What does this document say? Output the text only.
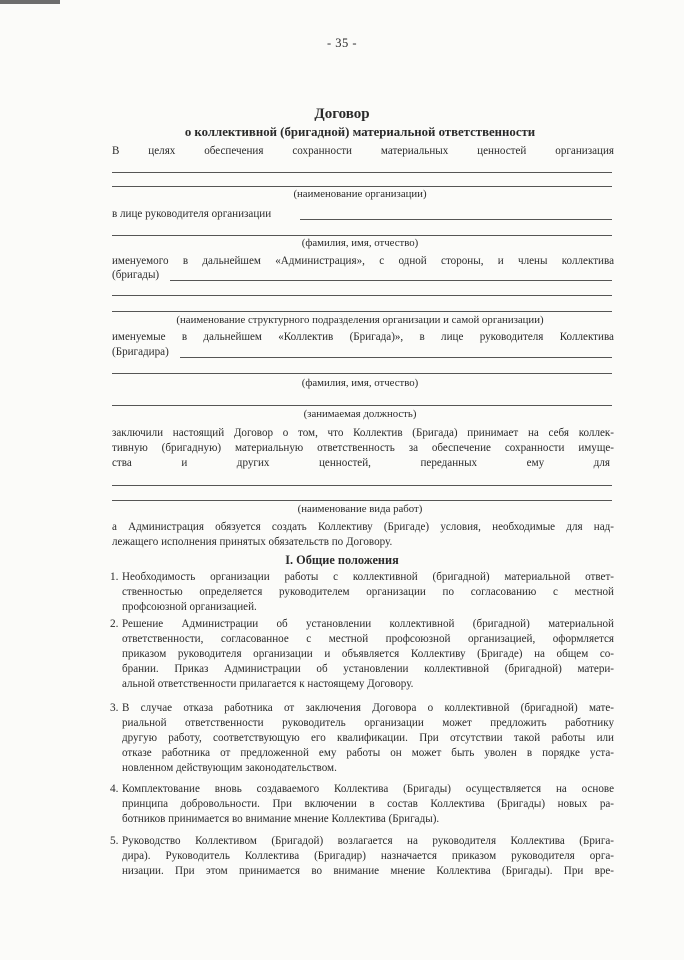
- 35 -
Договор
о коллективной (бригадной) материальной ответственности
В	целях	обеспечения	сохранности	материальных	ценностей	организация
(наименование организации)
в лице руководителя организации
(фамилия, имя, отчество)
именуемого в дальнейшем «Администрация», с одной стороны, и члены коллектива
(бригады)
(наименование структурного подразделения организации и самой организации)
именуемые в дальнейшем «Коллектив (Бригада)», в лице руководителя Коллектива
(Бригадира)
(фамилия, имя, отчество)
(занимаемая должность)
заключили настоящий Договор о том, что Коллектив (Бригада) принимает на себя коллек-
тивную (бригадную) материальную ответственность за обеспечение сохранности имуще-
ства	и	других	ценностей,	переданных	ему	для
(наименование вида работ)
а Администрация обязуется создать Коллективу (Бригаде) условия, необходимые для над-
лежащего исполнения принятых обязательств по Договору.
I. Общие положения
1. Необходимость организации работы с коллективной (бригадной) материальной ответ-
ственностью определяется руководителем организации по согласованию с местной
профсоюзной организацией.
2. Решение Администрации об установлении коллективной (бригадной) материальной
ответственности, согласованное с местной профсоюзной организацией, оформляется
приказом руководителя организации и объявляется Коллективу (Бригаде) на общем со-
брании. Приказ Администрации об установлении коллективной (бригадной) матери-
альной ответственности прилагается к настоящему Договору.
3. В случае отказа работника от заключения Договора о коллективной (бригадной) мате-
риальной ответственности руководитель организации может предложить работнику
другую работу, соответствующую его квалификации. При отсутствии такой работы или
отказе работника от предложенной ему работы он может быть уволен в порядке уста-
новленном действующим законодательством.
4. Комплектование вновь создаваемого Коллектива (Бригады) осуществляется на основе
принципа добровольности. При включении в состав Коллектива (Бригады) новых ра-
ботников принимается во внимание мнение Коллектива (Бригады).
5. Руководство Коллективом (Бригадой) возлагается на руководителя Коллектива (Брига-
дира). Руководитель Коллектива (Бригадир) назначается приказом руководителя орга-
низации. При этом принимается во внимание мнение Коллектива (Бригады). При вре-
